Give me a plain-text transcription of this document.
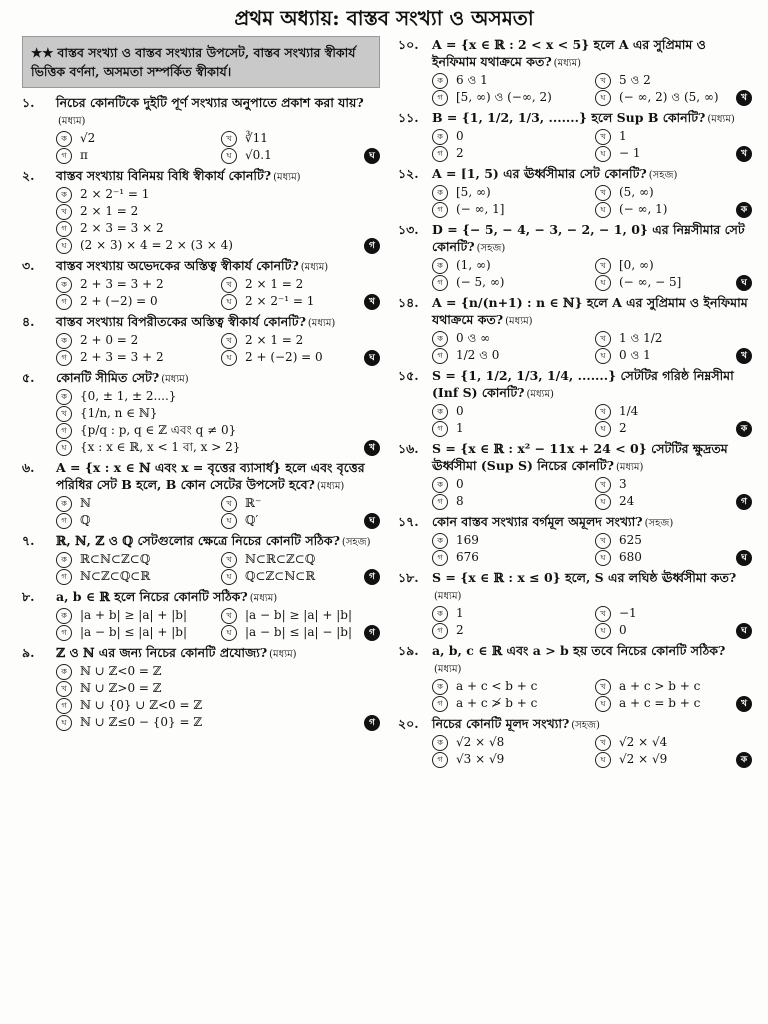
প্রথম অধ্যায়: বাস্তব সংখ্যা ও অসমতা
★★ বাস্তব সংখ্যা ও বাস্তব সংখ্যার উপসেট, বাস্তব সংখ্যার স্বীকার্য ভিত্তিক বর্ণনা, অসমতা সম্পর্কিত স্বীকার্য।
১.	নিচের কোনটিকে দুইটি পূর্ণ সংখ্যার অনুপাতে প্রকাশ করা যায়?(মধ্যম)
ক	√2	খ	∛11
গ	π	ঘ	√0.1	ঘ
২.	বাস্তব সংখ্যায় বিনিময় বিধি স্বীকার্য কোনটি? (মধ্যম)
ক	2 × 2⁻¹ = 1
খ	2 × 1 = 2
গ	2 × 3 = 3 × 2
ঘ	(2 × 3) × 4 = 2 × (3 × 4)	গ
৩.	বাস্তব সংখ্যায় অভেদকের অস্তিত্ব স্বীকার্য কোনটি? (মধ্যম)
ক	2 + 3 = 3 + 2	খ	2 × 1 = 2
গ	2 + (−2) = 0	ঘ	2 × 2⁻¹ = 1	খ
৪.	বাস্তব সংখ্যায় বিপরীতকের অস্তিত্ব স্বীকার্য কোনটি? (মধ্যম)
ক	2 + 0 = 2	খ	2 × 1 = 2
গ	2 + 3 = 3 + 2	ঘ	2 + (−2) = 0	ঘ
৫.	কোনটি সীমিত সেট? (মধ্যম)
ক	{0, ± 1, ± 2....}
খ	{1/n, n ∈ ℕ}
গ	{p/q : p, q ∈ ℤ এবং q ≠ 0}
ঘ	{x : x ∈ ℝ, x < 1 বা, x > 2}	খ
৬.	A = {x : x ∈ ℕ এবং x = বৃত্তের ব্যাসার্ধ} হলে এবং বৃত্তের পরিধির সেট B হলে, B কোন সেটের উপসেট হবে? (মধ্যম)
ক	ℕ	খ	ℝ⁻
গ	ℚ	ঘ	ℚ′	ঘ
৭.	ℝ, ℕ, ℤ ও ℚ সেটগুলোর ক্ষেত্রে নিচের কোনটি সঠিক? (সহজ)
ক	ℝ⊂ℕ⊂ℤ⊂ℚ	খ	ℕ⊂ℝ⊂ℤ⊂ℚ
গ	ℕ⊂ℤ⊂ℚ⊂ℝ	ঘ	ℚ⊂ℤ⊂ℕ⊂ℝ	গ
৮.	a, b ∈ ℝ হলে নিচের কোনটি সঠিক? (মধ্যম)
ক	|a + b| ≥ |a| + |b|	খ	|a − b| ≥ |a| + |b|
গ	|a − b| ≤ |a| + |b|	ঘ	|a − b| ≤ |a| − |b|	গ
৯.	ℤ ও ℕ এর জন্য নিচের কোনটি প্রযোজ্য? (মধ্যম)
ক	ℕ ∪ ℤ<0 = ℤ
খ	ℕ ∪ ℤ>0 = ℤ
গ	ℕ ∪ {0} ∪ ℤ<0 = ℤ
ঘ	ℕ ∪ ℤ≤0 − {0} = ℤ	গ
১০.	A = {x ∈ ℝ : 2 < x < 5} হলে A এর সুপ্রিমাম ও ইনফিমাম যথাক্রমে কত? (মধ্যম)
ক	6 ও 1	খ	5 ও 2
গ	[5, ∞) ও (−∞, 2)	ঘ	(− ∞, 2) ও (5, ∞)	খ
১১.	B = {1, 1/2, 1/3, .......} হলে Sup B কোনটি? (মধ্যম)
ক	0	খ	1
গ	2	ঘ	− 1	খ
১২.	A = [1, 5) এর ঊর্ধ্বসীমার সেট কোনটি? (সহজ)
ক	[5, ∞)	খ	(5, ∞)
গ	(− ∞, 1]	ঘ	(− ∞, 1)	ক
১৩.	D = {− 5, − 4, − 3, − 2, − 1, 0} এর নিম্নসীমার সেট কোনটি? (সহজ)
ক	(1, ∞)	খ	[0, ∞)
গ	(− 5, ∞)	ঘ	(− ∞, − 5]	ঘ
১৪.	A = {n/(n+1) : n ∈ ℕ} হলে A এর সুপ্রিমাম ও ইনফিমাম যথাক্রমে কত? (মধ্যম)
ক	0 ও ∞	খ	1 ও 1/2
গ	1/2 ও 0	ঘ	0 ও 1	খ
১৫.	S = {1, 1/2, 1/3, 1/4, .......} সেটটির গরিষ্ঠ নিম্নসীমা (Inf S) কোনটি? (মধ্যম)
ক	0	খ	1/4
গ	1	ঘ	2	ক
১৬.	S = {x ∈ ℝ : x² − 11x + 24 < 0} সেটটির ক্ষুদ্রতম ঊর্ধ্বসীমা (Sup S) নিচের কোনটি? (মধ্যম)
ক	0	খ	3
গ	8	ঘ	24	গ
১৭.	কোন বাস্তব সংখ্যার বর্গমূল অমূলদ সংখ্যা? (সহজ)
ক	169	খ	625
গ	676	ঘ	680	ঘ
১৮.	S = {x ∈ ℝ : x ≤ 0} হলে, S এর লঘিষ্ঠ ঊর্ধ্বসীমা কত?(মধ্যম)
ক	1	খ	−1
গ	2	ঘ	0	ঘ
১৯.	a, b, c ∈ ℝ এবং a > b হয় তবে নিচের কোনটি সঠিক?(মধ্যম)
ক	a + c < b + c	খ	a + c > b + c
গ	a + c ≯ b + c	ঘ	a + c = b + c	খ
২০.	নিচের কোনটি মূলদ সংখ্যা? (সহজ)
ক	√2 × √8	খ	√2 × √4
গ	√3 × √9	ঘ	√2 × √9	ক
